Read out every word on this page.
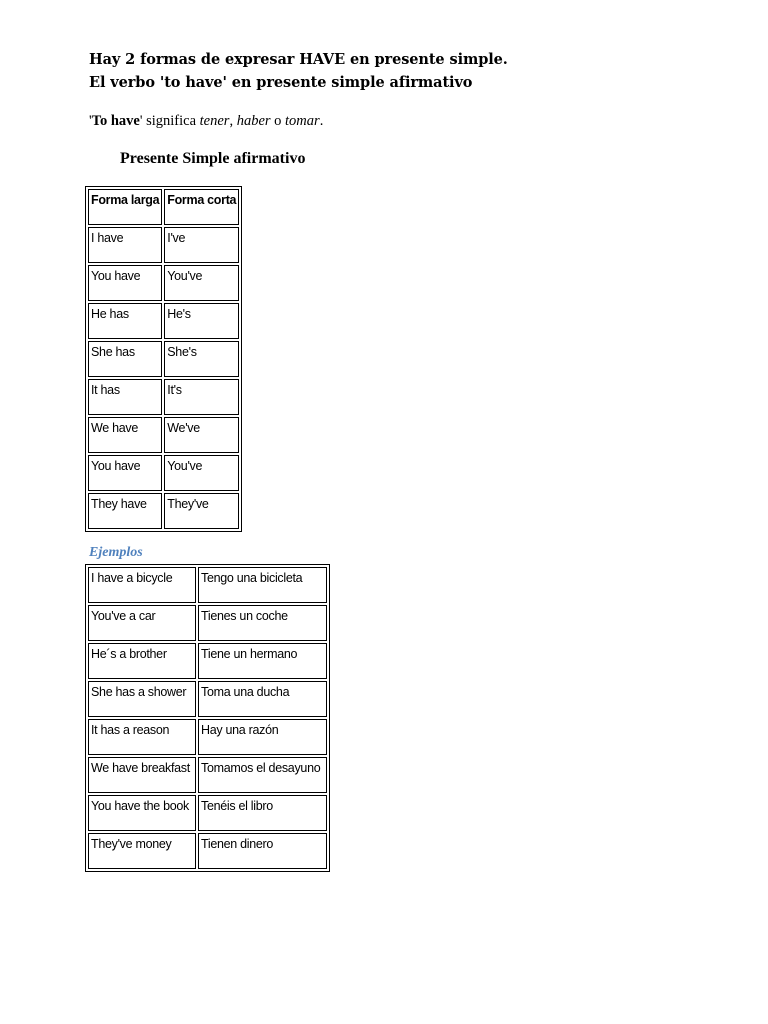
Hay 2 formas de expresar HAVE en presente simple.
El verbo 'to have' en presente simple afirmativo
'To have' significa tener, haber o tomar.
Presente Simple afirmativo
Forma larga	Forma corta
I have	I've
You have	You've
He has	He's
She has	She's
It has	It's
We have	We've
You have	You've
They have	They've
Ejemplos
I have a bicycle	Tengo una bicicleta
You've a car	Tienes un coche
He´s a brother	Tiene un hermano
She has a shower	Toma una ducha
It has a reason	Hay una razón
We have breakfast	Tomamos el desayuno
You have the book	Tenéis el libro
They've money	Tienen dinero
